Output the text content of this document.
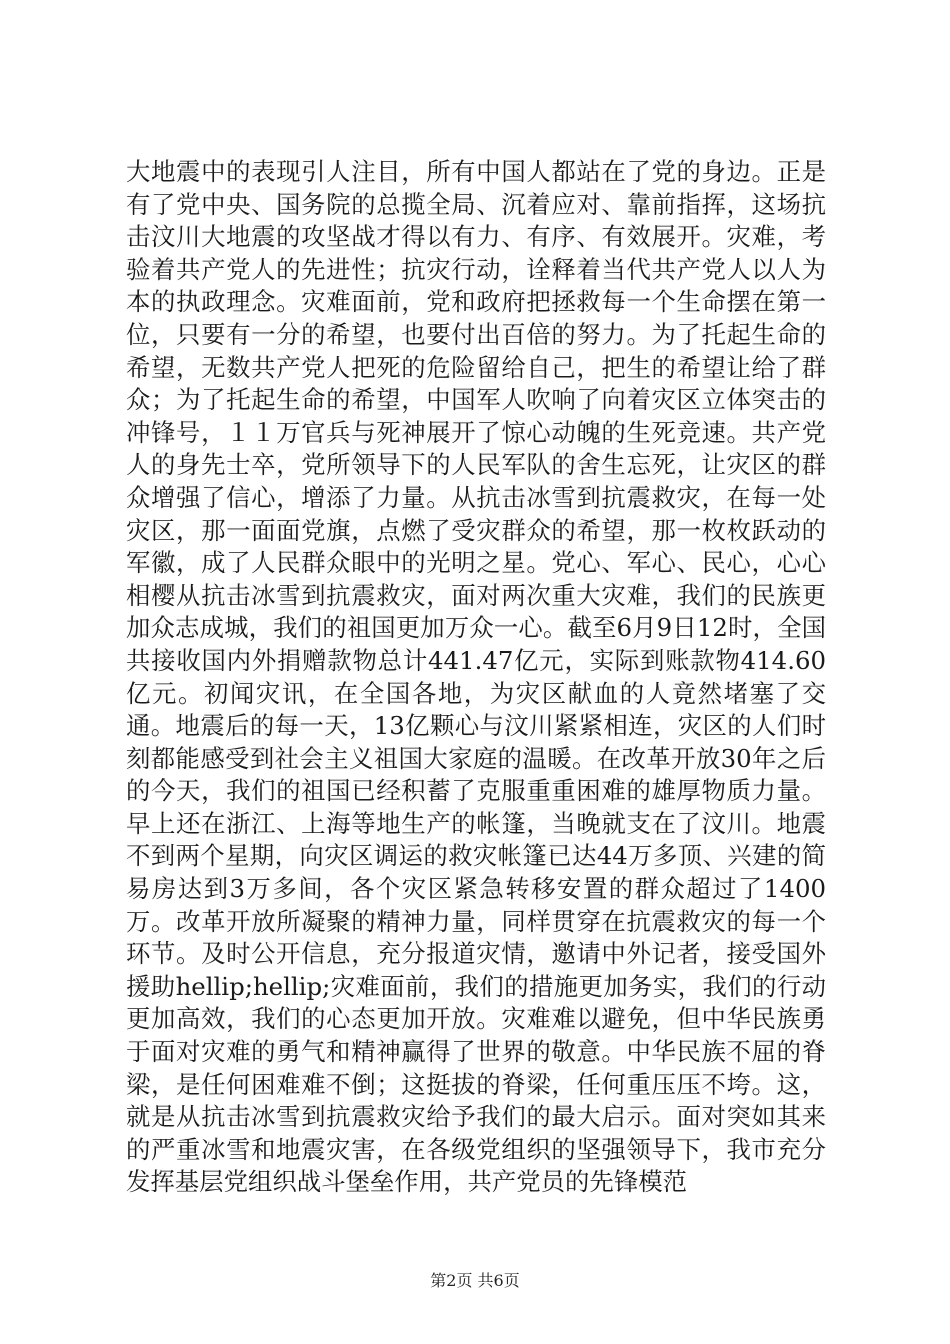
大地震中的表现引人注目，所有中国人都站在了党的身边。正是有了党中央、国务院的总揽全局、沉着应对、靠前指挥，这场抗击汶川大地震的攻坚战才得以有力、有序、有效展开。灾难，考验着共产党人的先进性；抗灾行动，诠释着当代共产党人以人为本的执政理念。灾难面前，党和政府把拯救每一个生命摆在第一位，只要有一分的希望，也要付出百倍的努力。为了托起生命的希望，无数共产党人把死的危险留给自己，把生的希望让给了群众；为了托起生命的希望，中国军人吹响了向着灾区立体突击的冲锋号，１１万官兵与死神展开了惊心动魄的生死竞速。共产党人的身先士卒，党所领导下的人民军队的舍生忘死，让灾区的群众增强了信心，增添了力量。从抗击冰雪到抗震救灾，在每一处灾区，那一面面党旗，点燃了受灾群众的希望，那一枚枚跃动的军徽，成了人民群众眼中的光明之星。党心、军心、民心，心心相樱从抗击冰雪到抗震救灾，面对两次重大灾难，我们的民族更加众志成城，我们的祖国更加万众一心。截至6月9日12时，全国共接收国内外捐赠款物总计441.47亿元，实际到账款物414.60亿元。初闻灾讯，在全国各地，为灾区献血的人竟然堵塞了交通。地震后的每一天，13亿颗心与汶川紧紧相连，灾区的人们时刻都能感受到社会主义祖国大家庭的温暖。在改革开放30年之后的今天，我们的祖国已经积蓄了克服重重困难的雄厚物质力量。早上还在浙江、上海等地生产的帐篷，当晚就支在了汶川。地震不到两个星期，向灾区调运的救灾帐篷已达44万多顶、兴建的简易房达到3万多间，各个灾区紧急转移安置的群众超过了1400万。改革开放所凝聚的精神力量，同样贯穿在抗震救灾的每一个环节。及时公开信息，充分报道灾情，邀请中外记者，接受国外援助hellip;hellip;灾难面前，我们的措施更加务实，我们的行动更加高效，我们的心态更加开放。灾难难以避免，但中华民族勇于面对灾难的勇气和精神赢得了世界的敬意。中华民族不屈的脊梁，是任何困难难不倒；这挺拔的脊梁，任何重压压不垮。这，就是从抗击冰雪到抗震救灾给予我们的最大启示。面对突如其来的严重冰雪和地震灾害，在各级党组织的坚强领导下，我市充分发挥基层党组织战斗堡垒作用，共产党员的先锋模范

第2页 共6页
